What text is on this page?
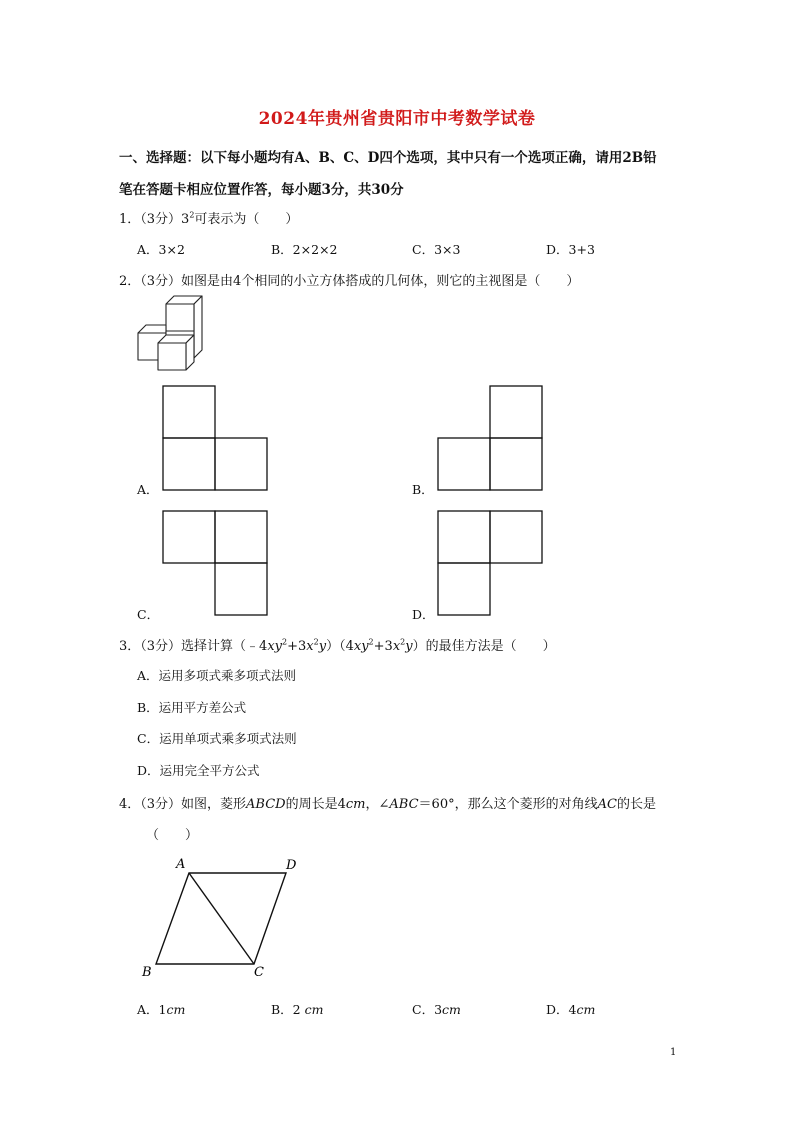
2024年贵州省贵阳市中考数学试卷
一、选择题：以下每小题均有A、B、C、D四个选项，其中只有一个选项正确，请用2B铅
笔在答题卡相应位置作答，每小题3分，共30分
1．（3分）$3^2$可表示为（　　）
A．3×2	B．2×2×2	C．3×3	D．3+3
2．（3分）如图是由4个相同的小立方体搭成的几何体，则它的主视图是（　　）
A．	B．
C．	D．
3．（3分）选择计算$(﹣4xy^2+3x^2y)(4xy^2+3x^2y)$的最佳方法是（　　）
A．运用多项式乘多项式法则
B．运用平方差公式
C．运用单项式乘多项式法则
D．运用完全平方公式
4．（3分）如图，菱形ABCD的周长是4cm，∠ABC＝60°，那么这个菱形的对角线AC的长是
（　　）
A	D
B	C
A．1cm	B．2 cm	C．3cm	D．4cm
1
